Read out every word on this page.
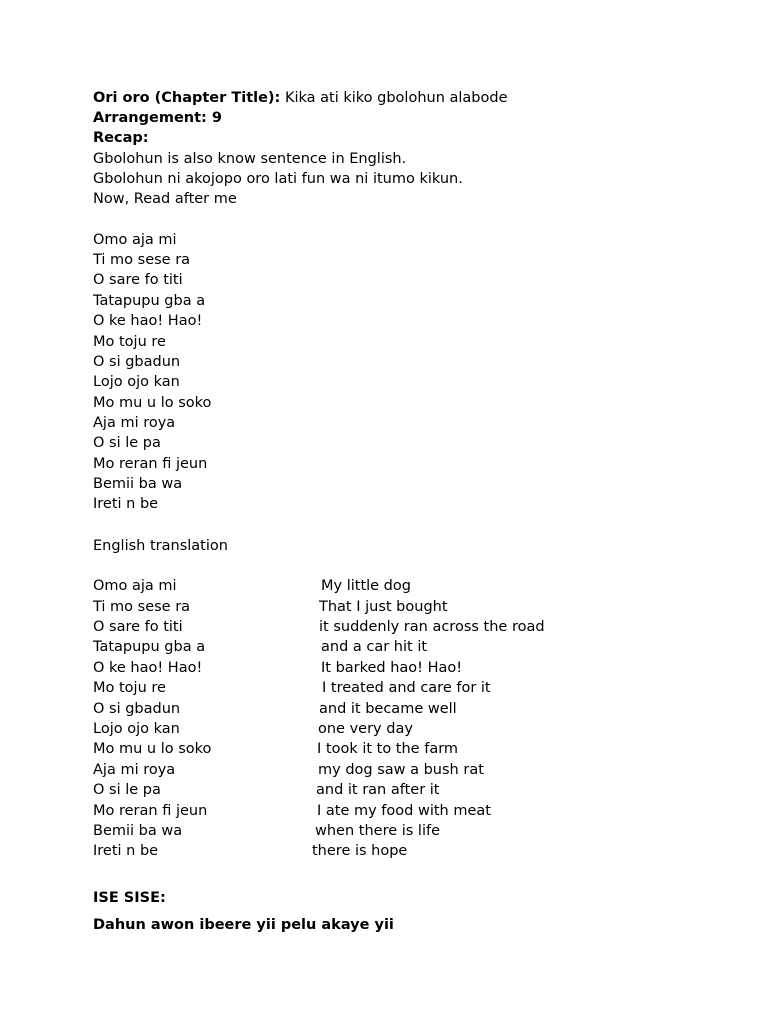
Ori oro (Chapter Title): Kika ati kiko gbolohun alabode
Arrangement: 9
Recap:
Gbolohun is also know sentence in English.
Gbolohun ni akojopo oro lati fun wa ni itumo kikun.
Now, Read after me
Omo aja mi
Ti mo sese ra
O sare fo titi
Tatapupu gba a
O ke hao! Hao!
Mo toju re
O si gbadun
Lojo ojo kan
Mo mu u lo soko
Aja mi roya
O si le pa
Mo reran fi jeun
Bemii ba wa
Ireti n be
English translation
Omo aja mi	My little dog
Ti mo sese ra	That I just bought
O sare fo titi	it suddenly ran across the road
Tatapupu gba a	and a car hit it
O ke hao! Hao!	It barked hao! Hao!
Mo toju re	I treated and care for it
O si gbadun	and it became well
Lojo ojo kan	one very day
Mo mu u lo soko	I took it to the farm
Aja mi roya	my dog saw a bush rat
O si le pa	and it ran after it
Mo reran fi jeun	I ate my food with meat
Bemii ba wa	when there is life
Ireti n be	there is hope
ISE SISE:
Dahun awon ibeere yii pelu akaye yii
